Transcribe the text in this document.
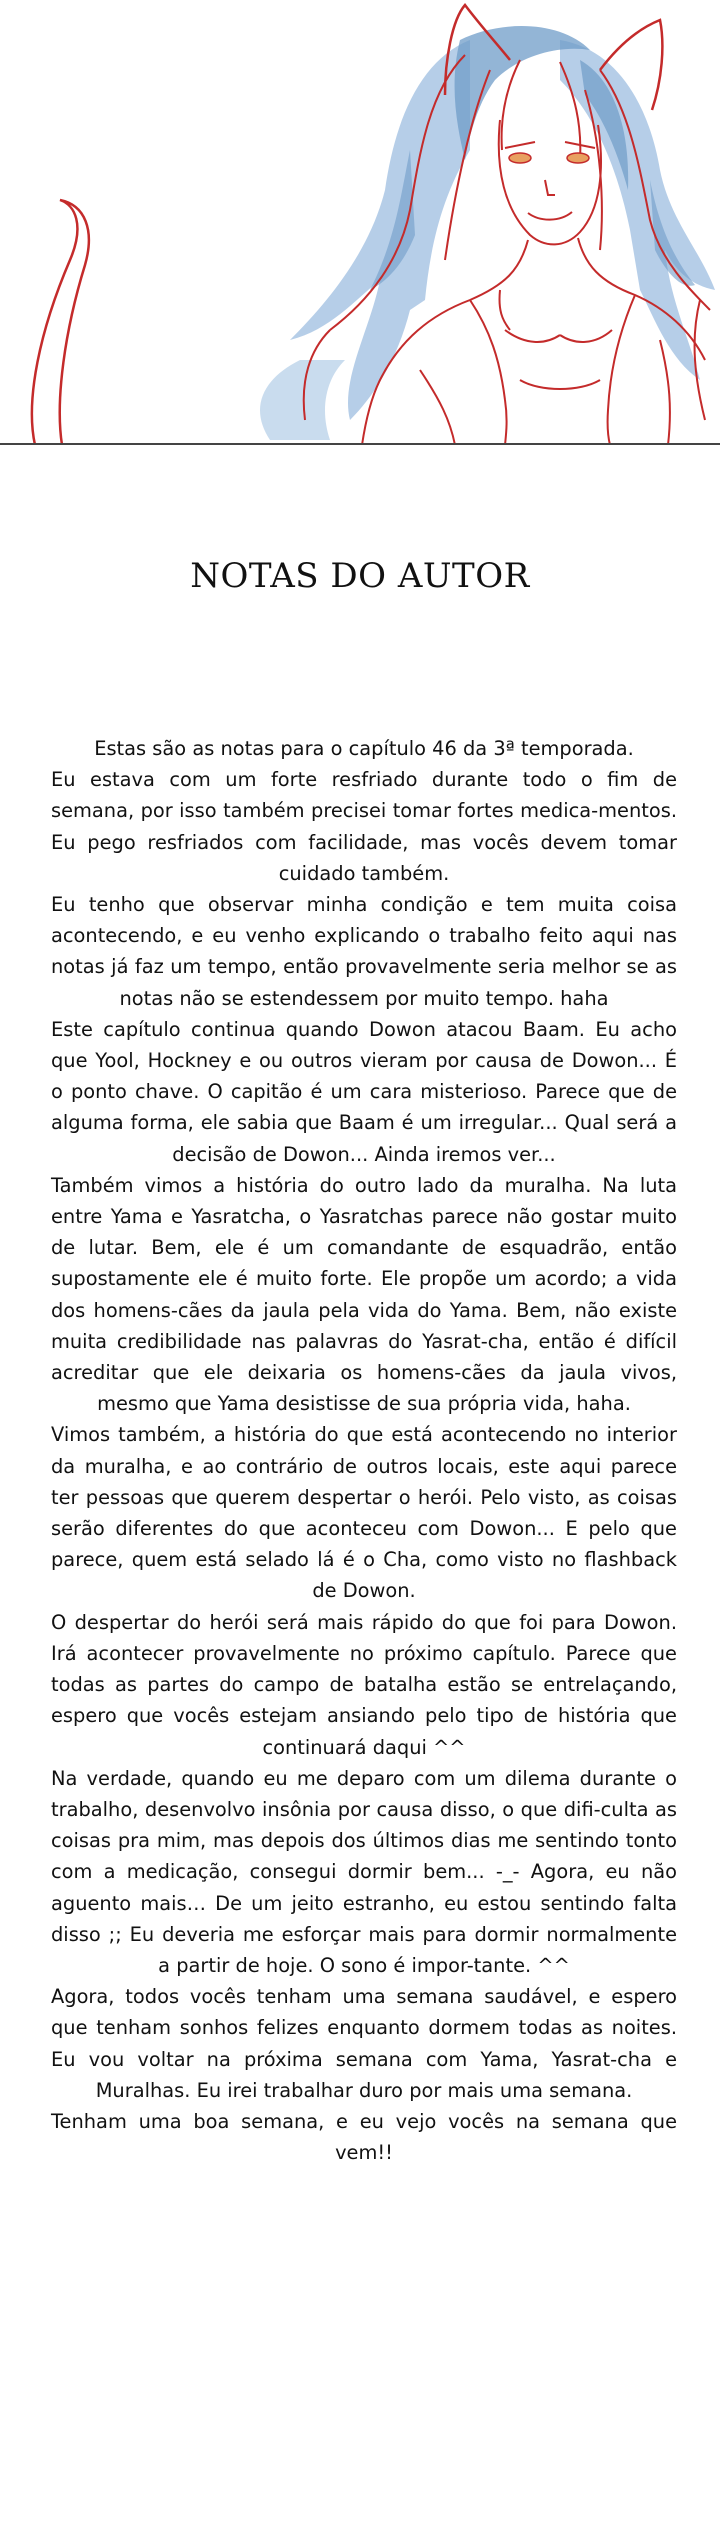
NOTAS DO AUTOR

Estas são as notas para o capítulo 46 da 3ª temporada.

Eu estava com um forte resfriado durante todo o fim de semana, por isso também precisei tomar fortes medica-mentos. Eu pego resfriados com facilidade, mas vocês devem tomar cuidado também.

Eu tenho que observar minha condição e tem muita coisa acontecendo, e eu venho explicando o trabalho feito aqui nas notas já faz um tempo, então provavelmente seria melhor se as notas não se estendessem por muito tempo. haha

Este capítulo continua quando Dowon atacou Baam. Eu acho que Yool, Hockney e ou outros vieram por causa de Dowon... É o ponto chave. O capitão é um cara misterioso. Parece que de alguma forma, ele sabia que Baam é um irregular... Qual será a decisão de Dowon... Ainda iremos ver...

Também vimos a história do outro lado da muralha. Na luta entre Yama e Yasratcha, o Yasratchas parece não gostar muito de lutar. Bem, ele é um comandante de esquadrão, então supostamente ele é muito forte. Ele propõe um acordo; a vida dos homens-cães da jaula pela vida do Yama. Bem, não existe muita credibilidade nas palavras do Yasrat-cha, então é difícil acreditar que ele deixaria os homens-cães da jaula vivos, mesmo que Yama desistisse de sua própria vida, haha.

Vimos também, a história do que está acontecendo no interior da muralha, e ao contrário de outros locais, este aqui parece ter pessoas que querem despertar o herói. Pelo visto, as coisas serão diferentes do que aconteceu com Dowon... E pelo que parece, quem está selado lá é o Cha, como visto no flashback de Dowon.

O despertar do herói será mais rápido do que foi para Dowon. Irá acontecer provavelmente no próximo capítulo. Parece que todas as partes do campo de batalha estão se entrelaçando, espero que vocês estejam ansiando pelo tipo de história que continuará daqui ^^

Na verdade, quando eu me deparo com um dilema durante o trabalho, desenvolvo insônia por causa disso, o que difi-culta as coisas pra mim, mas depois dos últimos dias me sentindo tonto com a medicação, consegui dormir bem... -_- Agora, eu não aguento mais… De um jeito estranho, eu estou sentindo falta disso ;; Eu deveria me esforçar mais para dormir normalmente a partir de hoje. O sono é impor-tante. ^^

Agora, todos vocês tenham uma semana saudável, e espero que tenham sonhos felizes enquanto dormem todas as noites. Eu vou voltar na próxima semana com Yama, Yasrat-cha e Muralhas. Eu irei trabalhar duro por mais uma semana.

Tenham uma boa semana, e eu vejo vocês na semana que vem!!
